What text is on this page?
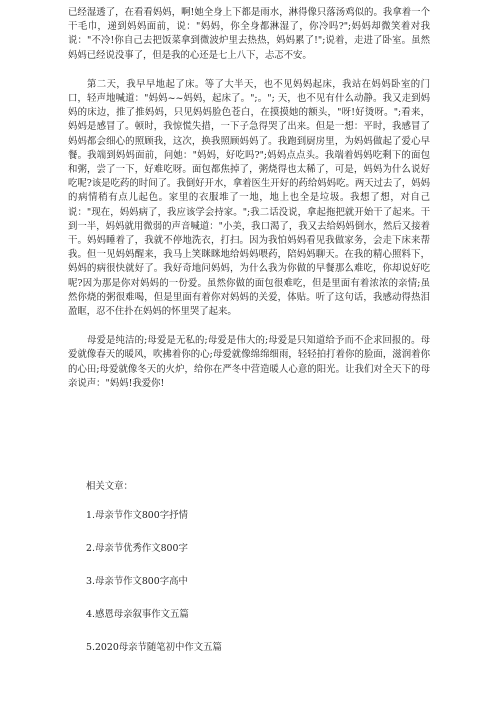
已经湿透了，在看看妈妈，啊!她全身上下都是雨水，淋得像只落汤鸡似的。我拿着一个干毛巾，递到妈妈面前，说："妈妈，你全身都淋湿了，你冷吗?";妈妈却微笑着对我说："不冷!你自己去把饭菜拿到微波炉里去热热，妈妈累了!";说着，走进了卧室。虽然妈妈已经说没事了，但是我的心还是七上八下，忐忑不安。

第二天，我早早地起了床。等了大半天，也不见妈妈起床，我站在妈妈卧室的门口，轻声地喊道："妈妈~~妈妈，起床了。";。"; 天，也不见有什么动静。我又走到妈妈的床边，推了推妈妈，只见妈妈脸色苍白，在摸摸她的额头，"呀!好烫呀。";看来，妈妈是感冒了。顿时，我惊慌失措，一下子急得哭了出来。但是一想：平时，我感冒了妈妈都会细心的照顾我，这次，换我照顾妈妈了。我跑到厨房里，为妈妈做起了爱心早餐。我端到妈妈面前，问她："妈妈，好吃吗?";妈妈点点头。我端着妈妈吃剩下的面包和粥，尝了一下，好难吃呀。面包都焦掉了，粥烧得也太稀了，可是，妈妈为什么说好吃呢?该是吃药的时间了。我倒好开水，拿着医生开好的药给妈妈吃。两天过去了，妈妈的病情稍有点儿起色。家里的衣服堆了一地，地上也全是垃圾。我想了想，对自己说："现在，妈妈病了，我应该学会持家。";我二话没说，拿起拖把就开始干了起来。干到一半，妈妈就用微弱的声音喊道："小美，我口渴了，我又去给妈妈倒水，然后又接着干。妈妈睡着了，我就不停地洗衣，打扫。因为我怕妈妈看见我做家务，会走下床来帮我。但一见妈妈醒来，我马上笑眯眯地给妈妈喂药，陪妈妈聊天。在我的精心照料下，妈妈的病很快就好了。我好奇地问妈妈，为什么我为你做的早餐那么难吃，你却说好吃呢?因为那是你对妈妈的一份爱。虽然你做的面包很难吃，但是里面有着浓浓的亲情;虽然你烧的粥很难喝，但是里面有着你对妈妈的关爱，体贴。听了这句话，我感动得热泪盈眶，忍不住扑在妈妈的怀里哭了起来。

母爱是纯洁的;母爱是无私的;母爱是伟大的;母爱是只知道给予而不企求回报的。母爱就像春天的暖风，吹拂着你的心;母爱就像绵绵细雨，轻轻拍打着你的脸面，滋润着你的心田;母爱就像冬天的火炉，给你在严冬中营造暖人心意的阳光。让我们对全天下的母亲说声："妈妈!我爱你!

相关文章：

1.母亲节作文800字抒情

2.母亲节优秀作文800字

3.母亲节作文800字高中

4.感恩母亲叙事作文五篇

5.2020母亲节随笔初中作文五篇
